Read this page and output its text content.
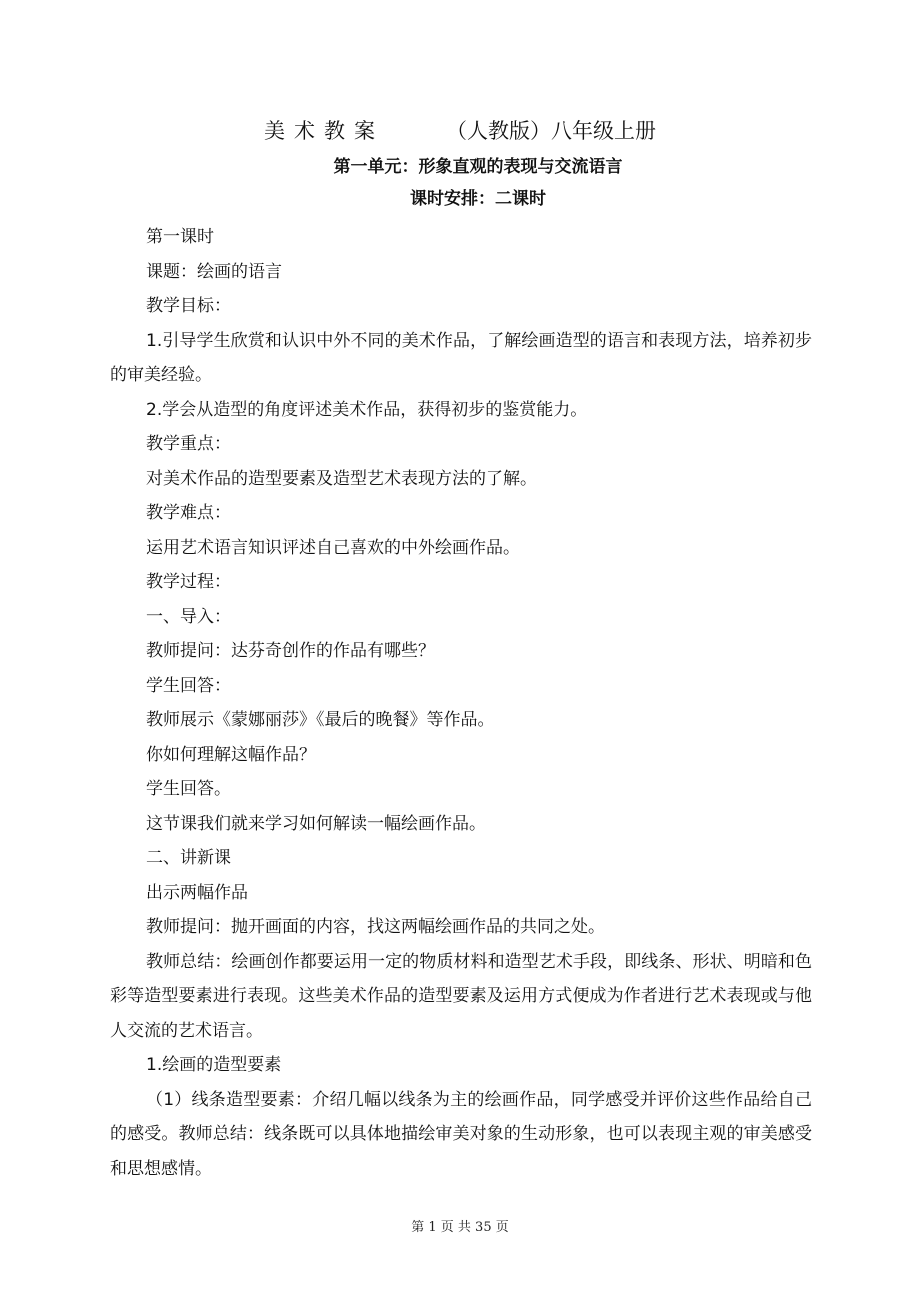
美术教案	（人教版）八年级上册
第一单元：形象直观的表现与交流语言
课时安排：二课时

第一课时

课题：绘画的语言

教学目标：

1.引导学生欣赏和认识中外不同的美术作品，了解绘画造型的语言和表现方法，培养初步的审美经验。

2.学会从造型的角度评述美术作品，获得初步的鉴赏能力。

教学重点：

对美术作品的造型要素及造型艺术表现方法的了解。

教学难点：

运用艺术语言知识评述自己喜欢的中外绘画作品。

教学过程：

一、导入：

教师提问：达芬奇创作的作品有哪些？

学生回答：

教师展示《蒙娜丽莎》《最后的晚餐》等作品。

你如何理解这幅作品？

学生回答。

这节课我们就来学习如何解读一幅绘画作品。

二、讲新课

出示两幅作品

教师提问：抛开画面的内容，找这两幅绘画作品的共同之处。

教师总结：绘画创作都要运用一定的物质材料和造型艺术手段，即线条、形状、明暗和色彩等造型要素进行表现。这些美术作品的造型要素及运用方式便成为作者进行艺术表现或与他人交流的艺术语言。

1.绘画的造型要素

（1）线条造型要素：介绍几幅以线条为主的绘画作品，同学感受并评价这些作品给自己的感受。教师总结：线条既可以具体地描绘审美对象的生动形象，也可以表现主观的审美感受和思想感情。

第 1 页 共 35 页
